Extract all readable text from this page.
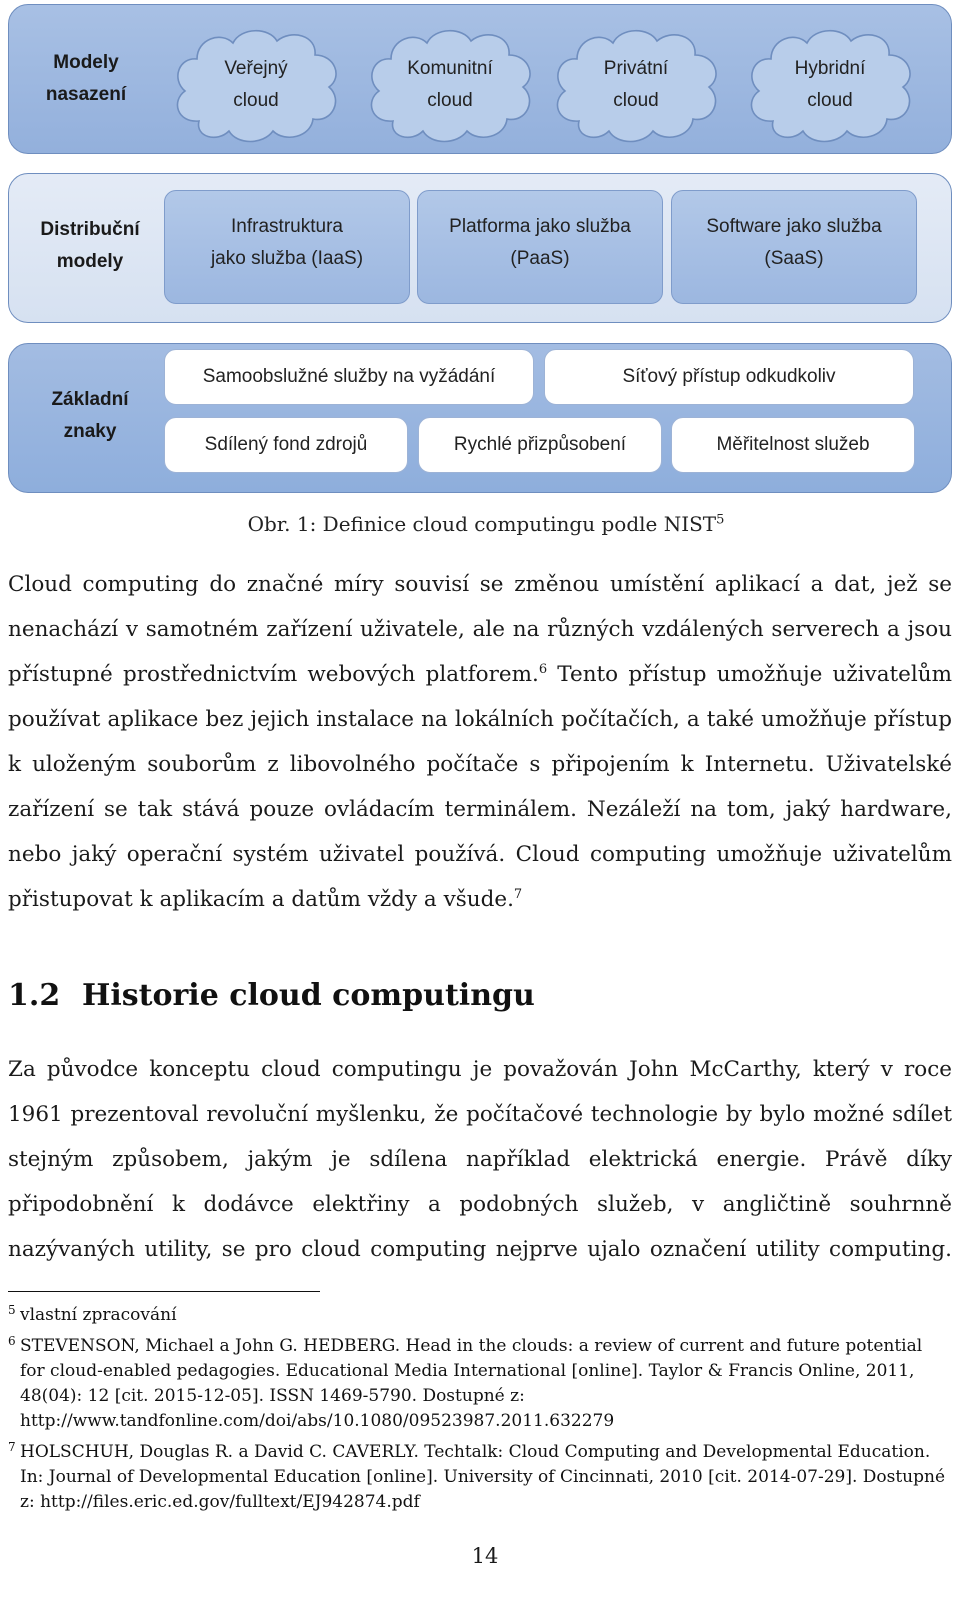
Modely
nasazení
Veřejný
cloud
Komunitní
cloud
Privátní
cloud
Hybridní
cloud
Distribuční
modely
Infrastruktura
jako služba (IaaS)
Platforma jako služba
(PaaS)
Software jako služba
(SaaS)
Základní
znaky
Samoobslužné služby na vyžádání	Síťový přístup odkudkoliv
Sdílený fond zdrojů	Rychlé přizpůsobení	Měřitelnost služeb
Obr. 1: Definice cloud computingu podle NIST$^5$
Cloud computing do značné míry souvisí se změnou umístění aplikací a dat, jež se nenachází v samotném zařízení uživatele, ale na různých vzdálených serverech a jsou přístupné prostřednictvím webových platforem.$^6$ Tento přístup umožňuje uživatelům používat aplikace bez jejich instalace na lokálních počítačích, a také umožňuje přístup k uloženým souborům z libovolného počítače s připojením k Internetu. Uživatelské zařízení se tak stává pouze ovládacím terminálem. Nezáleží na tom, jaký hardware, nebo jaký operační systém uživatel používá. Cloud computing umožňuje uživatelům přistupovat k aplikacím a datům vždy a všude.$^7$
1.2 Historie cloud computingu
Za původce konceptu cloud computingu je považován John McCarthy, který v roce 1961 prezentoval revoluční myšlenku, že počítačové technologie by bylo možné sdílet stejným způsobem, jakým je sdílena například elektrická energie. Právě díky připodobnění k dodávce elektřiny a podobných služeb, v angličtině souhrnně nazývaných utility, se pro cloud computing nejprve ujalo označení utility computing.
5 vlastní zpracování
6 STEVENSON, Michael a John G. HEDBERG. Head in the clouds: a review of current and future potential for cloud-enabled pedagogies. Educational Media International [online]. Taylor & Francis Online, 2011, 48(04): 12 [cit. 2015-12-05]. ISSN 1469-5790. Dostupné z: http://www.tandfonline.com/doi/abs/10.1080/09523987.2011.632279
7 HOLSCHUH, Douglas R. a David C. CAVERLY. Techtalk: Cloud Computing and Developmental Education. In: Journal of Developmental Education [online]. University of Cincinnati, 2010 [cit. 2014-07-29]. Dostupné z: http://files.eric.ed.gov/fulltext/EJ942874.pdf
14
